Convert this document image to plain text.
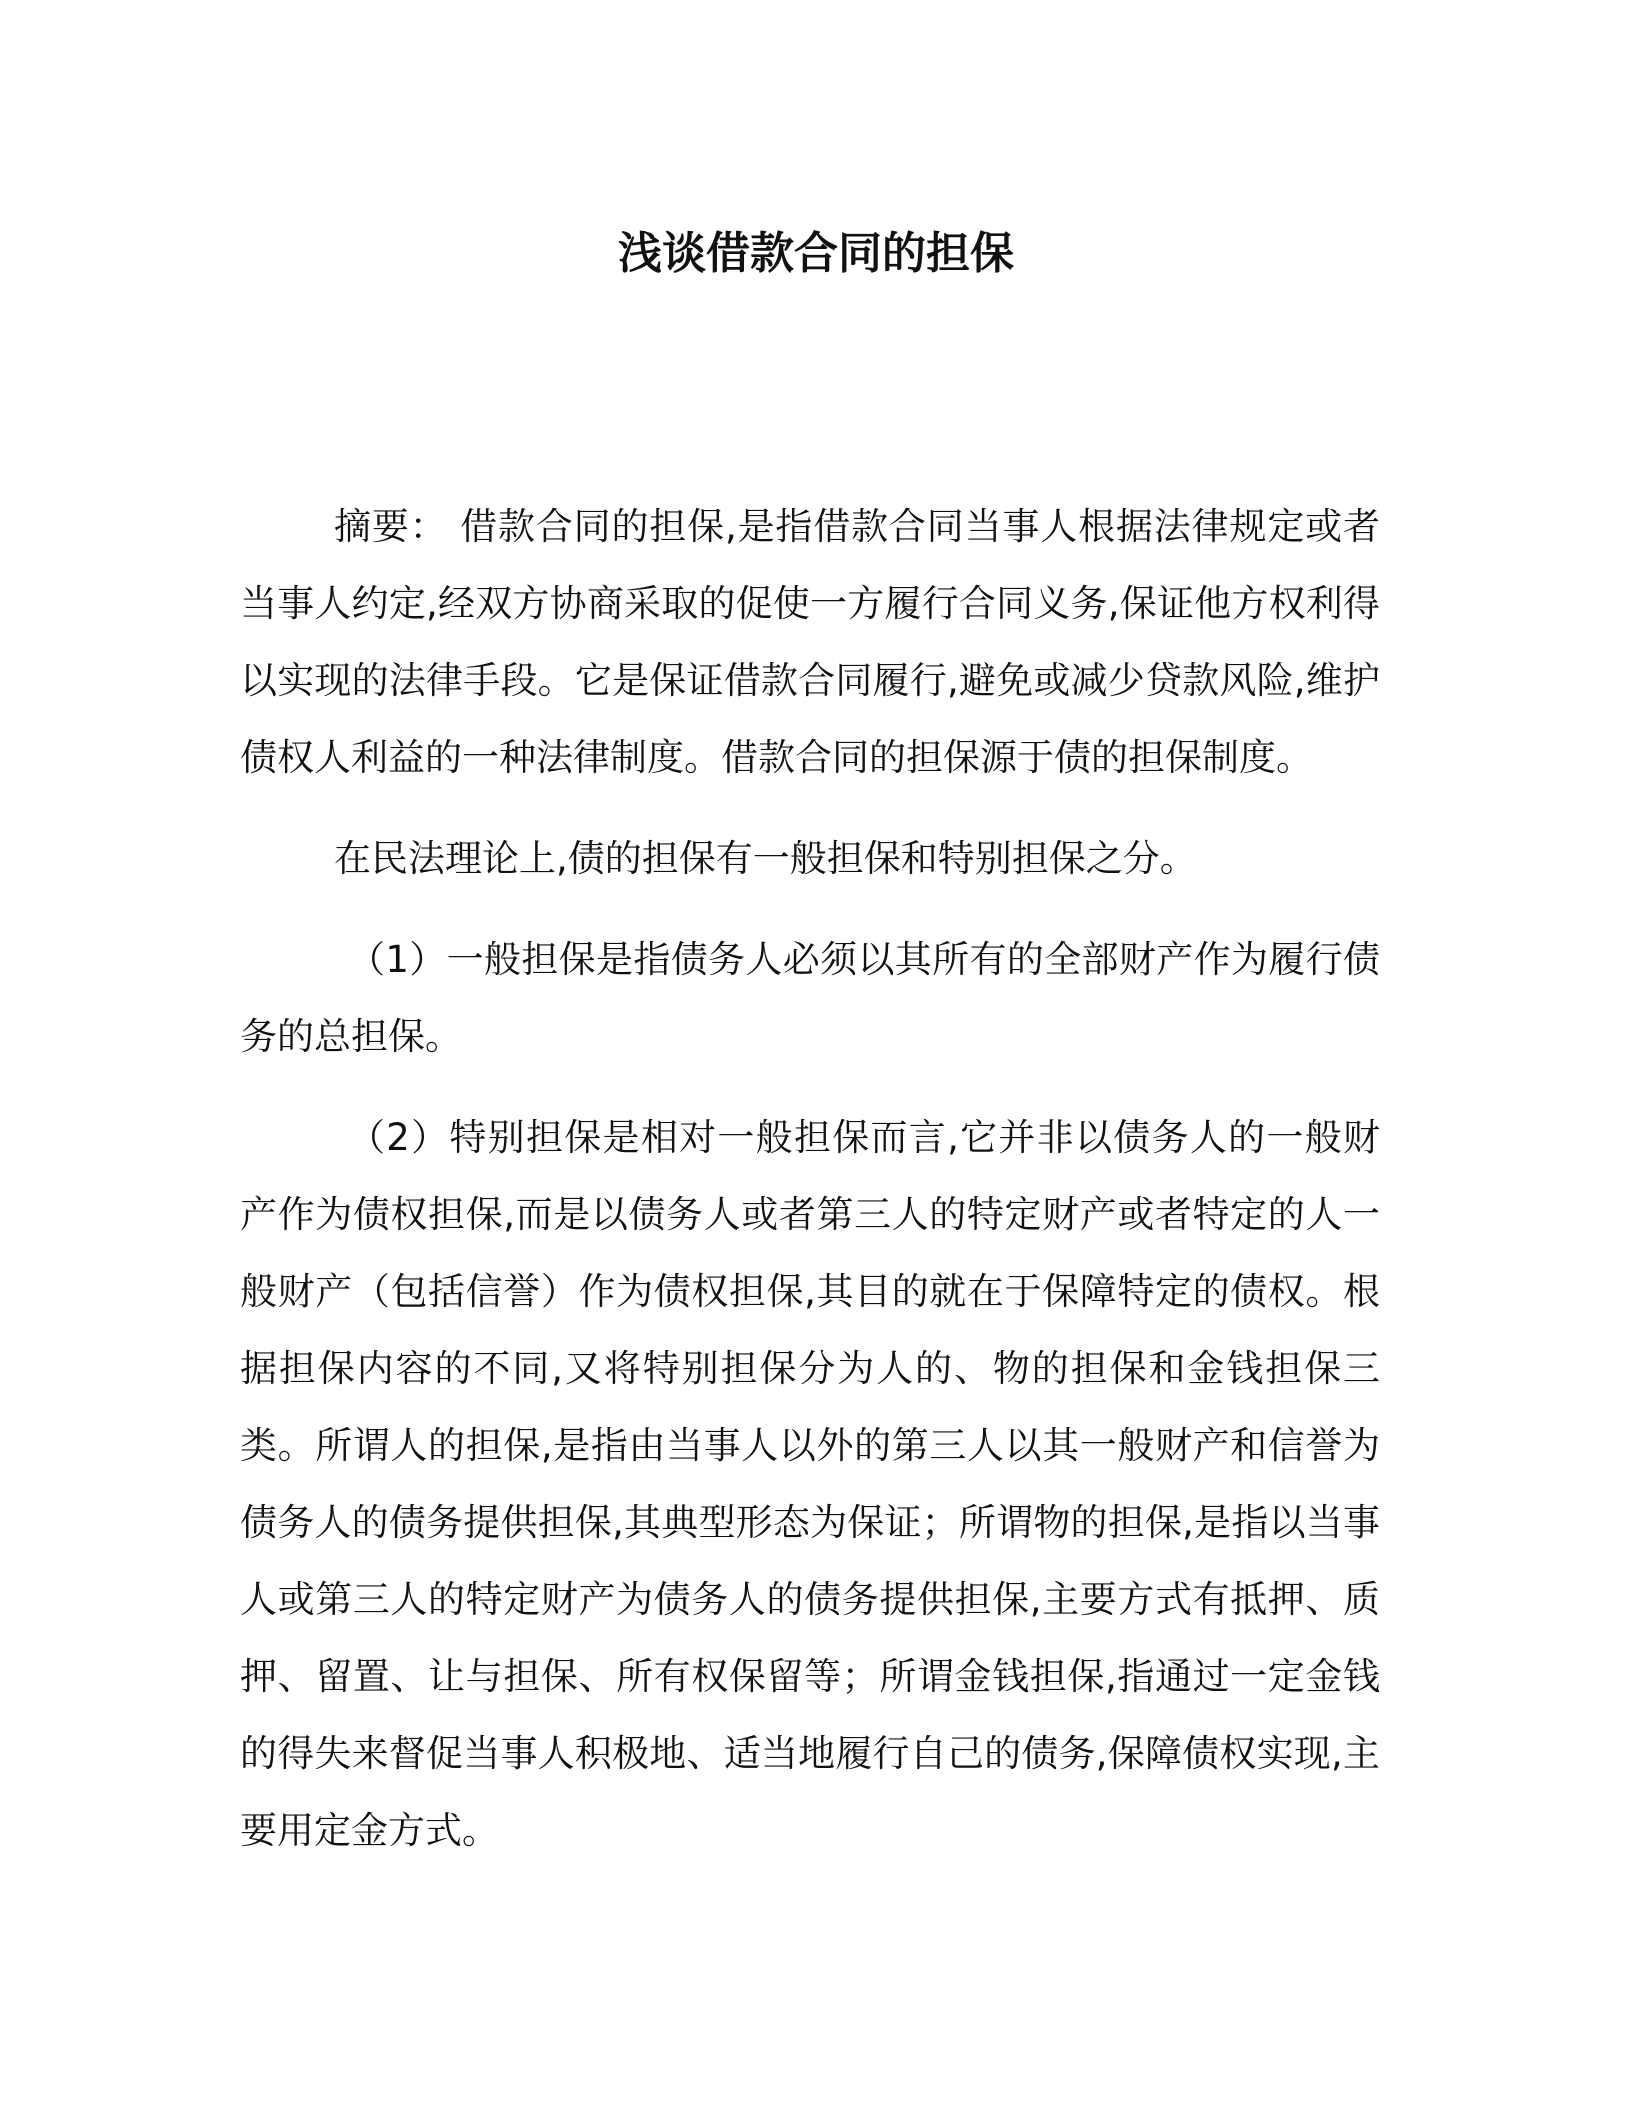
浅谈借款合同的担保

摘要： 借款合同的担保,是指借款合同当事人根据法律规定或者当事人约定,经双方协商采取的促使一方履行合同义务,保证他方权利得以实现的法律手段。它是保证借款合同履行,避免或减少贷款风险,维护债权人利益的一种法律制度。借款合同的担保源于债的担保制度。

在民法理论上,债的担保有一般担保和特别担保之分。

（1）一般担保是指债务人必须以其所有的全部财产作为履行债务的总担保。

（2）特别担保是相对一般担保而言,它并非以债务人的一般财产作为债权担保,而是以债务人或者第三人的特定财产或者特定的人一般财产（包括信誉）作为债权担保,其目的就在于保障特定的债权。根据担保内容的不同,又将特别担保分为人的、物的担保和金钱担保三类。所谓人的担保,是指由当事人以外的第三人以其一般财产和信誉为债务人的债务提供担保,其典型形态为保证；所谓物的担保,是指以当事人或第三人的特定财产为债务人的债务提供担保,主要方式有抵押、质押、留置、让与担保、所有权保留等；所谓金钱担保,指通过一定金钱的得失来督促当事人积极地、适当地履行自己的债务,保障债权实现,主要用定金方式。
